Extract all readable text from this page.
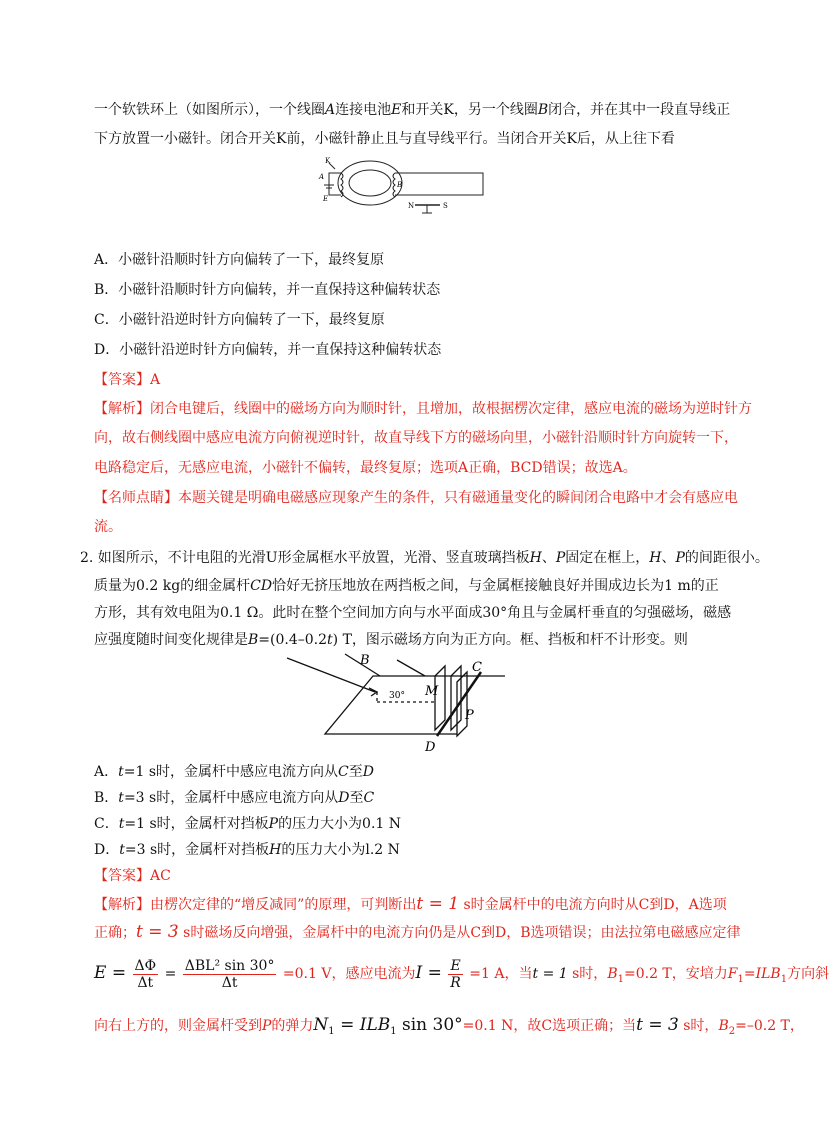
一个软铁环上（如图所示），一个线圈A连接电池E和开关K，另一个线圈B闭合，并在其中一段直导线正
下方放置一小磁针。闭合开关K前，小磁针静止且与直导线平行。当闭合开关K后，从上往下看
K
A
B
E
N	S
A．小磁针沿顺时针方向偏转了一下，最终复原
B．小磁针沿顺时针方向偏转，并一直保持这种偏转状态
C．小磁针沿逆时针方向偏转了一下，最终复原
D．小磁针沿逆时针方向偏转，并一直保持这种偏转状态
【答案】A
【解析】闭合电键后，线圈中的磁场方向为顺时针，且增加，故根据楞次定律，感应电流的磁场为逆时针方
向，故右侧线圈中感应电流方向俯视逆时针，故直导线下方的磁场向里，小磁针沿顺时针方向旋转一下，
电路稳定后，无感应电流，小磁针不偏转，最终复原；选项A正确，BCD错误；故选A。
【名师点睛】本题关键是明确电磁感应现象产生的条件，只有磁通量变化的瞬间闭合电路中才会有感应电
流。
2. 如图所示，不计电阻的光滑U形金属框水平放置，光滑、竖直玻璃挡板H、P固定在框上，H、P的间距很小。
质量为0.2 kg的细金属杆CD恰好无挤压地放在两挡板之间，与金属框接触良好并围成边长为1 m的正
方形，其有效电阻为0.1 Ω。此时在整个空间加方向与水平面成30°角且与金属杆垂直的匀强磁场，磁感
应强度随时间变化规律是B=(0.4–0.2t) T，图示磁场方向为正方向。框、挡板和杆不计形变。则
B	C
M
P
D
30°
A．t=1 s时，金属杆中感应电流方向从C至D
B．t=3 s时，金属杆中感应电流方向从D至C
C．t=1 s时，金属杆对挡板P的压力大小为0.1 N
D．t=3 s时，金属杆对挡板H的压力大小为l.2 N
【答案】AC
【解析】由楞次定律的“增反减同”的原理，可判断出t = 1 s时金属杆中的电流方向时从C到D，A选项
正确；t = 3 s时磁场反向增强，金属杆中的电流方向仍是从C到D，B选项错误；由法拉第电磁感应定律
$E = \frac{\Delta\Phi}{\Delta t} = \frac{\text{ΔBL² sin 30°}}{\Delta t} =0.1$ V，感应电流为$I = \frac{E}{R} =1$ A，当t = 1 s时，$B_1=0.2$ T，安培力$F_1=ILB_1$方向斜
向右上方的，则金属杆受到P的弹力$N_1 = ILB_1$ sin 30°=0.1 N，故C选项正确；当t = 3 s时，$B_2=-0.2$ T，
